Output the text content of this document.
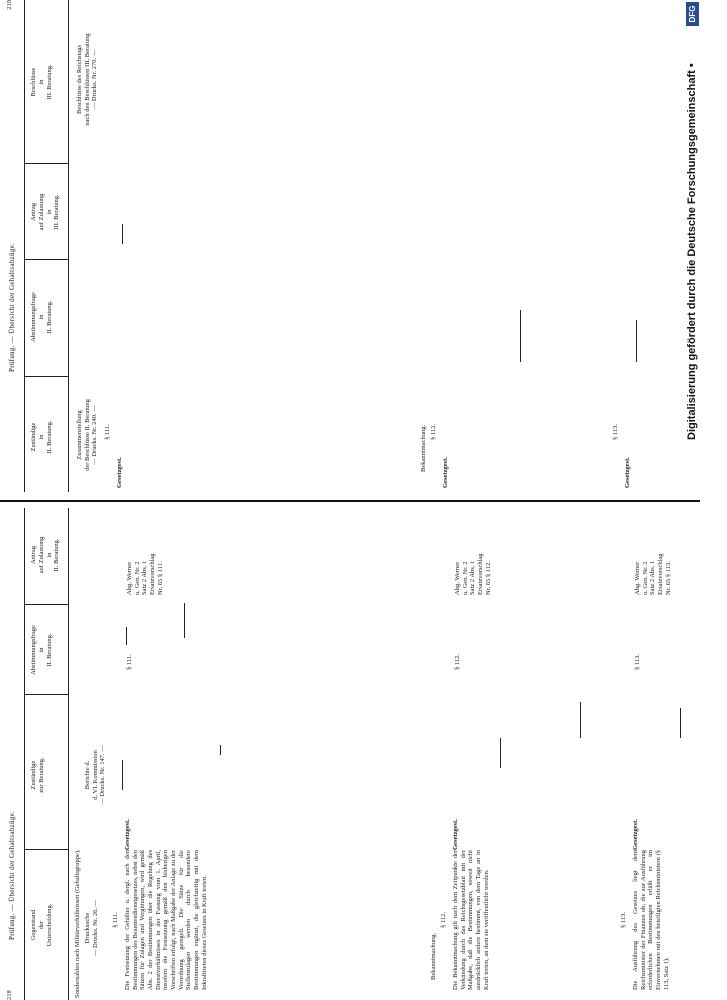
218
Prüfung. — Übersicht der Gehaltsabzüge. Gegenstand
der
Unterscheidung.
Zuständige
zur Beratung.
Abstimmungsfrage
in
II. Beratung.
Antrag
auf Zulassung
in
II. Beratung.
Sonderzahlen nach Militärverhältnissen (Gehaltsgruppe). Drucksache
— Drucks. Nr. 26. —
Berichte d.
d. VI. Kommission
— Drucks. Nr. 147. —
§ 111. Die Festsetzung der Gehälter u. dergl. nach den Bestimmungen des Beamtendienstgesetzes, nebst den Sätzen für Zulagen und Vergütungen, wird gemäß Abs. 2 der Bestimmungen über die Regelung des Dienstverhältnisses in der Fassung vom 1. April, insofern die Festsetzung gemäß den bisherigen Vorschriften erfolgt, nach Maßgabe der Anlage zu der Verordnung geregelt. Die Sätze für die Stellenzulagen werden durch besondere Bestimmungen ergänzt, die gleichzeitig mit dem Inkrafttreten dieses Gesetzes in Kraft treten.
Gesetzgest.
§ 111.
Abg. Werner
u. Gen. Nr. 2
Satz 2 Abs. 1
Ersatzvorschlag
Nr. 65 § 111.
Bekanntmachung.
§ 112. Die Bekanntmachung gilt nach dem Zeitpunkte der Verkündung durch das Reichsgesetzblatt mit der Maßgabe, daß die Bestimmungen, soweit nicht ausdrücklich anders bestimmt, von dem Tage an in Kraft treten, an dem sie veröffentlicht werden.
Gesetzgest.
§ 112.
Abg. Werner
u. Gen. Nr. 2
Satz 2 Abs. 1
Ersatzvorschlag
Nr. 65 § 112.
§ 113. Die Ausführung des Gesetzes liegt dem Reichsminister der Finanzen ob; die zur Ausführung erforderlichen Bestimmungen erläßt er im Einvernehmen mit den beteiligten Reichsministern (§ 113, Satz 1).
Gesetzgest.
§ 113.
Abg. Werner
u. Gen. Nr. 2
Satz 2 Abs. 1
Ersatzvorschlag
Nr. 65 § 113.
219
Prüfung. — Übersicht der Gehaltsabzüge.
Zuständige
in
II. Beratung.
Abstimmungsfrage
in
II. Beratung.
Antrag
auf Zulassung
in
III. Beratung.
Beschlüsse
in
III. Beratung.
Zusammenstellung
der Beschlüsse II. Beratung
— Drucks. Nr. 240. —
§ 111.
Gesetzgest.
Beschlüsse des Reichstags
nach den Beschlüssen III. Beratung
— Drucks. Nr. 270. —
Bekanntmachung. § 112.
Gesetzgest.
§ 113.
Gesetzgest.
Digitalisierung gefördert durch die Deutsche Forschungsgemeinschaft •
DFG
